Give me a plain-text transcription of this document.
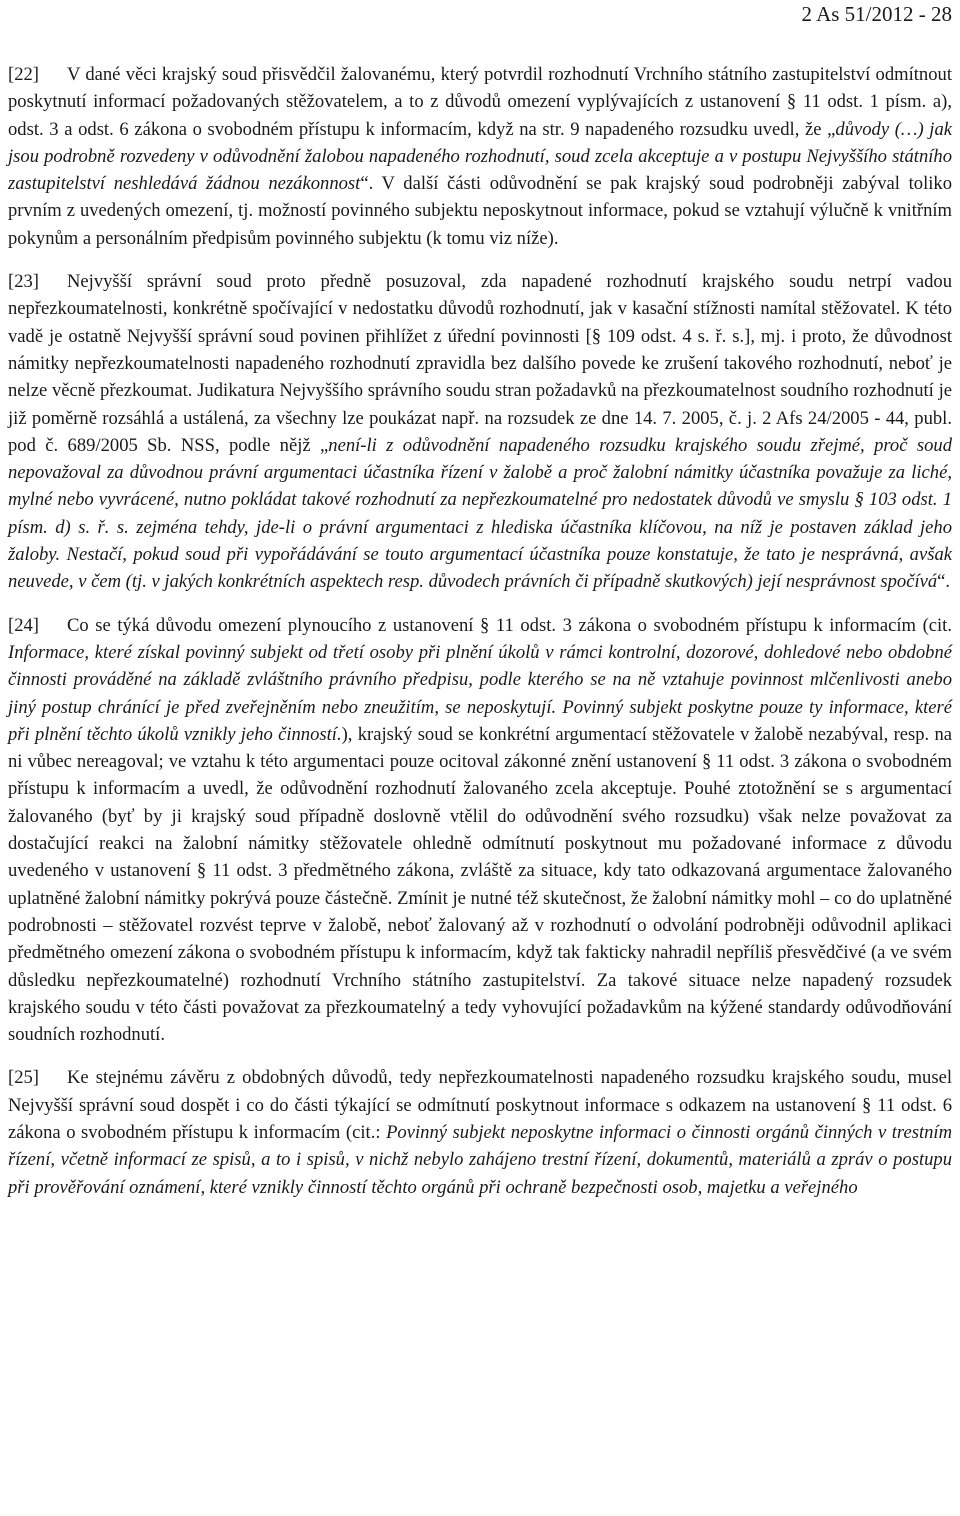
2 As 51/2012 - 28

[22] V dané věci krajský soud přisvědčil žalovanému, který potvrdil rozhodnutí Vrchního státního zastupitelství odmítnout poskytnutí informací požadovaných stěžovatelem, a to z důvodů omezení vyplývajících z ustanovení § 11 odst. 1 písm. a), odst. 3 a odst. 6 zákona o svobodném přístupu k informacím, když na str. 9 napadeného rozsudku uvedl, že „důvody (…) jak jsou podrobně rozvedeny v odůvodnění žalobou napadeného rozhodnutí, soud zcela akceptuje a v postupu Nejvyššího státního zastupitelství neshledává žádnou nezákonnost“. V další části odůvodnění se pak krajský soud podrobněji zabýval toliko prvním z uvedených omezení, tj. možností povinného subjektu neposkytnout informace, pokud se vztahují výlučně k vnitřním pokynům a personálním předpisům povinného subjektu (k tomu viz níže).

[23] Nejvyšší správní soud proto předně posuzoval, zda napadené rozhodnutí krajského soudu netrpí vadou nepřezkoumatelnosti, konkrétně spočívající v nedostatku důvodů rozhodnutí, jak v kasační stížnosti namítal stěžovatel. K této vadě je ostatně Nejvyšší správní soud povinen přihlížet z úřední povinnosti [§ 109 odst. 4 s. ř. s.], mj. i proto, že důvodnost námitky nepřezkoumatelnosti napadeného rozhodnutí zpravidla bez dalšího povede ke zrušení takového rozhodnutí, neboť je nelze věcně přezkoumat. Judikatura Nejvyššího správního soudu stran požadavků na přezkoumatelnost soudního rozhodnutí je již poměrně rozsáhlá a ustálená, za všechny lze poukázat např. na rozsudek ze dne 14. 7. 2005, č. j. 2 Afs 24/2005 - 44, publ. pod č. 689/2005 Sb. NSS, podle nějž „není-li z odůvodnění napadeného rozsudku krajského soudu zřejmé, proč soud nepovažoval za důvodnou právní argumentaci účastníka řízení v žalobě a proč žalobní námitky účastníka považuje za liché, mylné nebo vyvrácené, nutno pokládat takové rozhodnutí za nepřezkoumatelné pro nedostatek důvodů ve smyslu § 103 odst. 1 písm. d) s. ř. s. zejména tehdy, jde-li o právní argumentaci z hlediska účastníka klíčovou, na níž je postaven základ jeho žaloby. Nestačí, pokud soud při vypořádávání se touto argumentací účastníka pouze konstatuje, že tato je nesprávná, avšak neuvede, v čem (tj. v jakých konkrétních aspektech resp. důvodech právních či případně skutkových) její nesprávnost spočívá“.

[24] Co se týká důvodu omezení plynoucího z ustanovení § 11 odst. 3 zákona o svobodném přístupu k informacím (cit. Informace, které získal povinný subjekt od třetí osoby při plnění úkolů v rámci kontrolní, dozorové, dohledové nebo obdobné činnosti prováděné na základě zvláštního právního předpisu, podle kterého se na ně vztahuje povinnost mlčenlivosti anebo jiný postup chránící je před zveřejněním nebo zneužitím, se neposkytují. Povinný subjekt poskytne pouze ty informace, které při plnění těchto úkolů vznikly jeho činností.), krajský soud se konkrétní argumentací stěžovatele v žalobě nezabýval, resp. na ni vůbec nereagoval; ve vztahu k této argumentaci pouze ocitoval zákonné znění ustanovení § 11 odst. 3 zákona o svobodném přístupu k informacím a uvedl, že odůvodnění rozhodnutí žalovaného zcela akceptuje. Pouhé ztotožnění se s argumentací žalovaného (byť by ji krajský soud případně doslovně vtělil do odůvodnění svého rozsudku) však nelze považovat za dostačující reakci na žalobní námitky stěžovatele ohledně odmítnutí poskytnout mu požadované informace z důvodu uvedeného v ustanovení § 11 odst. 3 předmětného zákona, zvláště za situace, kdy tato odkazovaná argumentace žalovaného uplatněné žalobní námitky pokrývá pouze částečně. Zmínit je nutné též skutečnost, že žalobní námitky mohl – co do uplatněné podrobnosti – stěžovatel rozvést teprve v žalobě, neboť žalovaný až v rozhodnutí o odvolání podrobněji odůvodnil aplikaci předmětného omezení zákona o svobodném přístupu k informacím, když tak fakticky nahradil nepříliš přesvědčivé (a ve svém důsledku nepřezkoumatelné) rozhodnutí Vrchního státního zastupitelství. Za takové situace nelze napadený rozsudek krajského soudu v této části považovat za přezkoumatelný a tedy vyhovující požadavkům na kýžené standardy odůvodňování soudních rozhodnutí.

[25] Ke stejnému závěru z obdobných důvodů, tedy nepřezkoumatelnosti napadeného rozsudku krajského soudu, musel Nejvyšší správní soud dospět i co do části týkající se odmítnutí poskytnout informace s odkazem na ustanovení § 11 odst. 6 zákona o svobodném přístupu k informacím (cit.: Povinný subjekt neposkytne informaci o činnosti orgánů činných v trestním řízení, včetně informací ze spisů, a to i spisů, v nichž nebylo zahájeno trestní řízení, dokumentů, materiálů a zpráv o postupu při prověřování oznámení, které vznikly činností těchto orgánů při ochraně bezpečnosti osob, majetku a veřejného
